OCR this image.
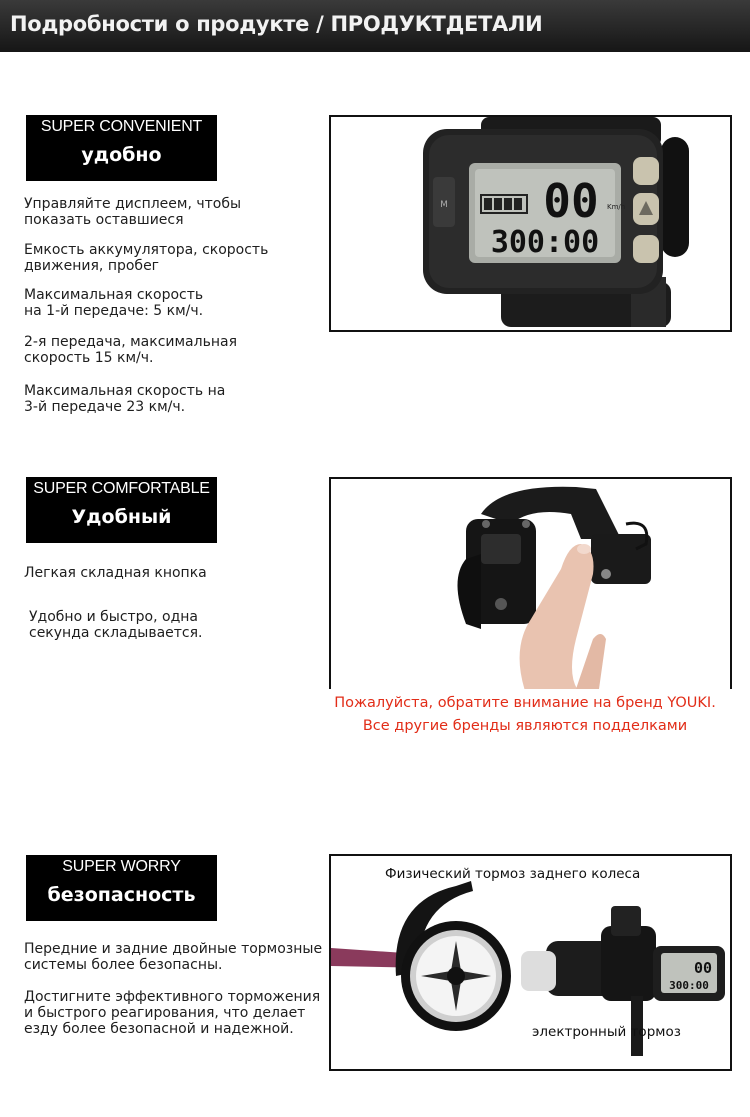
Подробности о продукте / ПРОДУКТДЕТАЛИ
SUPER CONVENIENT
удобно
Управляйте дисплеем, чтобы показать оставшиеся
Емкость аккумулятора, скорость движения, пробег
Максимальная скорость на 1-й передаче: 5 км/ч.
2-я передача, максимальная скорость 15 км/ч.
Максимальная скорость на 3-й передаче 23 км/ч.
M 00 Km/h
300:00
SUPER COMFORTABLE
Удобный
Легкая складная кнопка
Удобно и быстро, одна секунда складывается.
Пожалуйста, обратите внимание на бренд YOUKI.
Все другие бренды являются подделками
SUPER WORRY
безопасность
Передние и задние двойные тормозные системы более безопасны.
Достигните эффективного торможения и быстрого реагирования, что делает езду более безопасной и надежной.
00
300:00
Физический тормоз заднего колеса
электронный тормоз
